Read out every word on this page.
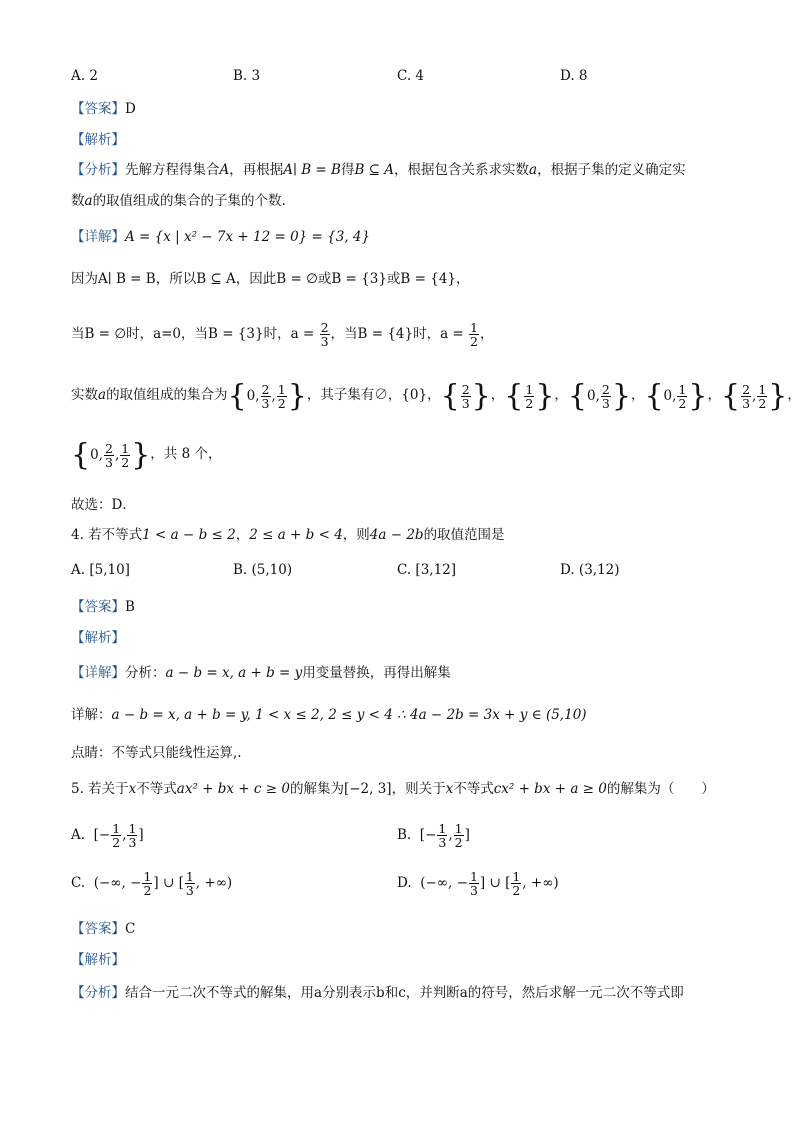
A. 2	B. 3	C. 4	D. 8
【答案】D
【解析】
【分析】先解方程得集合A，再根据A∣ B = B得B ⊆ A，根据包含关系求实数a，根据子集的定义确定实
数a的取值组成的集合的子集的个数.
【详解】A = {x | x² − 7x + 12 = 0} = {3, 4}
因为A∣ B = B，所以B ⊆ A，因此B = ∅或B = {3}或B = {4}，
当B = ∅时，a=0，当B = {3}时，$a = \frac{2}{3}$ ，当B = {4}时，$a = \frac{1}{2}$ ，
实数a的取值组成的集合为{0, $\frac{2}{3}$ , $\frac{1}{2}$ }，其子集有∅，{0}，{ $\frac{2}{3}$ }，{ $\frac{1}{2}$ }，{0, $\frac{2}{3}$ }，{0, $\frac{1}{2}$ }，{ $\frac{2}{3}$ , $\frac{1}{2}$ }，
{0, $\frac{2}{3}$ , $\frac{1}{2}$ }，共 8 个，
故选：D．
4. 若不等式1 < a − b ≤ 2，2 ≤ a + b < 4，则4a − 2b的取值范围是
A. [5,10]	B. (5,10)	C. [3,12]	D. (3,12)
【答案】B
【解析】
【详解】分析：a − b = x, a + b = y用变量替换，再得出解集
详解：a − b = x, a + b = y, 1 < x ≤ 2, 2 ≤ y < 4 ∴ 4a − 2b = 3x + y ∈ (5,10)
点睛：不等式只能线性运算,.
5. 若关于x不等式ax² + bx + c ≥ 0的解集为[−2, 3]，则关于x不等式cx² + bx + a ≥ 0的解集为（　　）
A.  [− $\frac{1}{2}$ , $\frac{1}{3}$ ]	B.  [− $\frac{1}{3}$ , $\frac{1}{2}$ ]
C.  (−∞, − $\frac{1}{2}$ ] ∪ [ $\frac{1}{3}$ , +∞)	D.  (−∞, − $\frac{1}{3}$ ] ∪ [ $\frac{1}{2}$ , +∞)
【答案】C
【解析】
【分析】结合一元二次不等式的解集，用a分别表示b和c，并判断a的符号，然后求解一元二次不等式即
